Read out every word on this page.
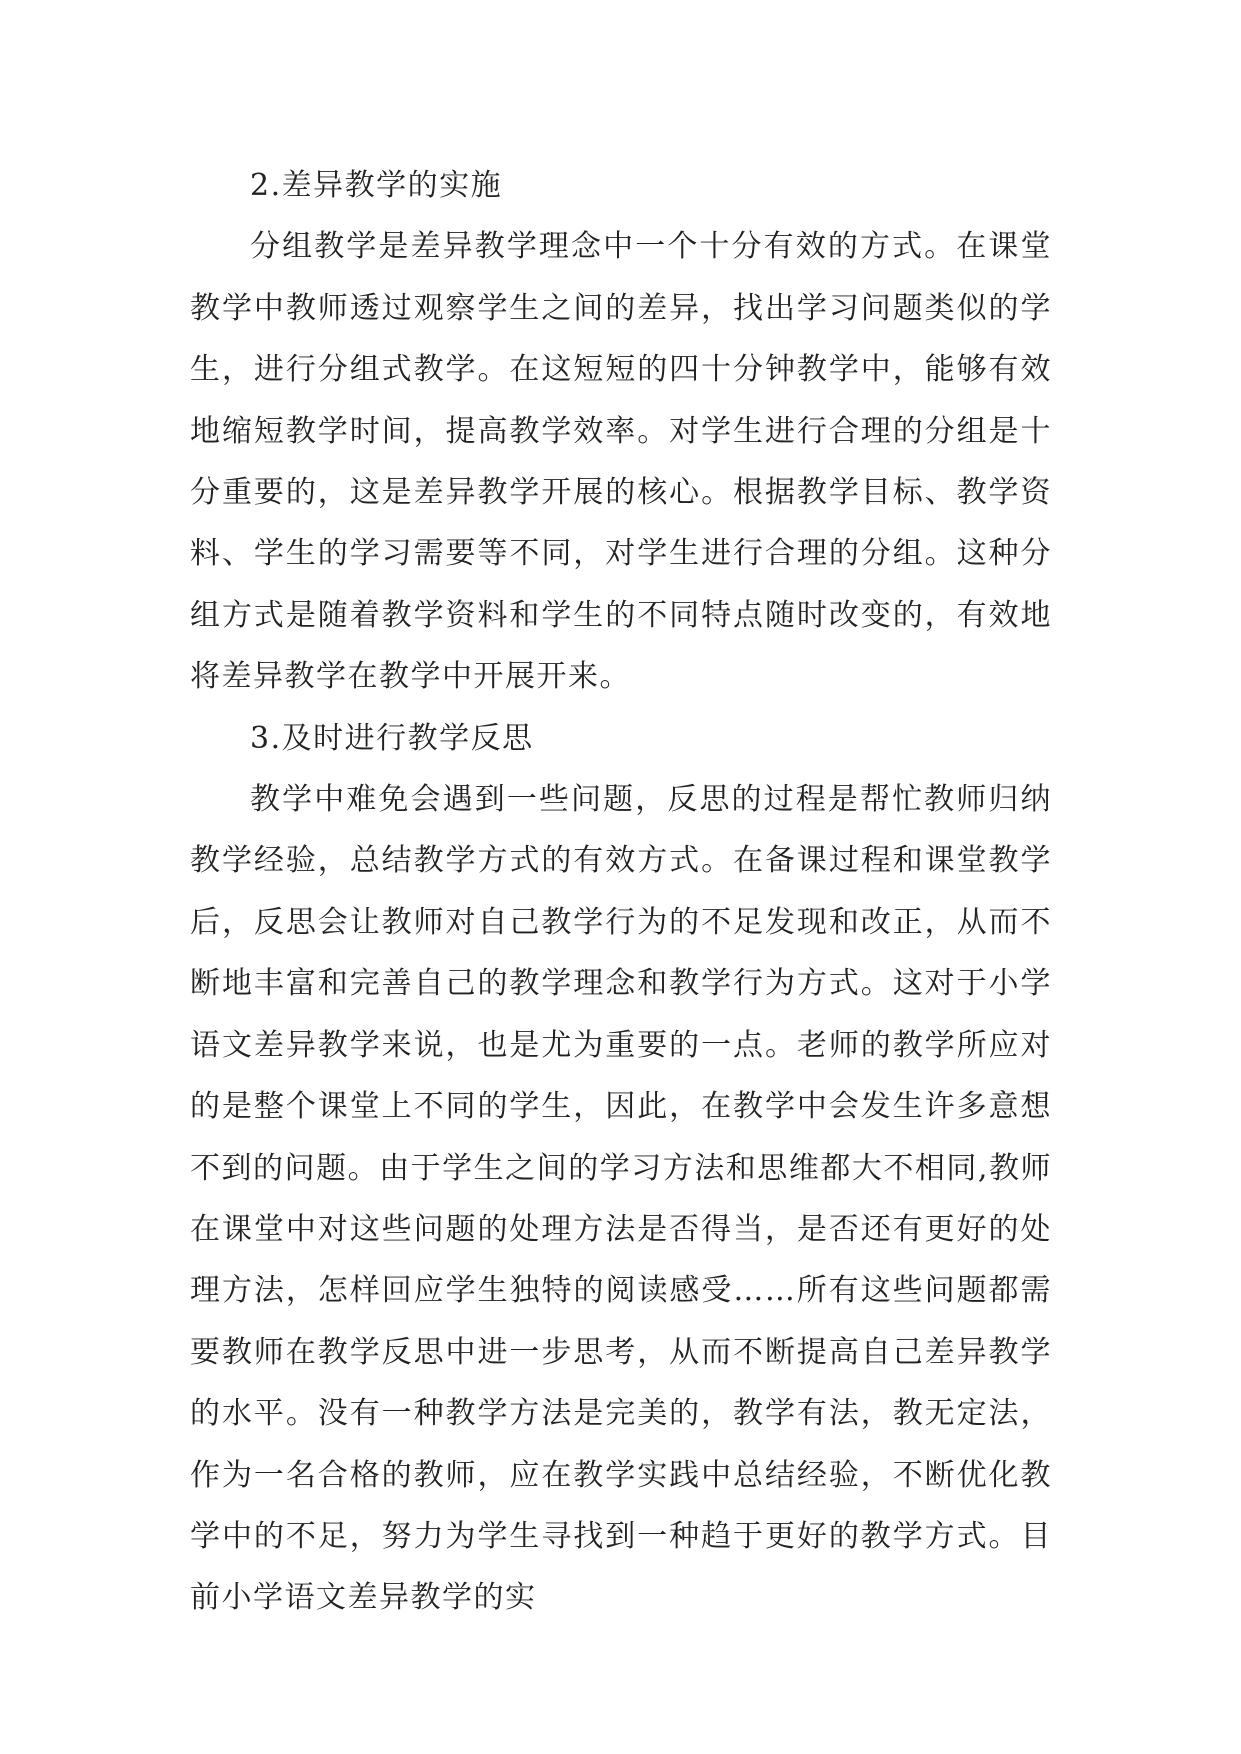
2.差异教学的实施

分组教学是差异教学理念中一个十分有效的方式。在课堂教学中教师透过观察学生之间的差异，找出学习问题类似的学生，进行分组式教学。在这短短的四十分钟教学中，能够有效地缩短教学时间，提高教学效率。对学生进行合理的分组是十分重要的，这是差异教学开展的核心。根据教学目标、教学资料、学生的学习需要等不同，对学生进行合理的分组。这种分组方式是随着教学资料和学生的不同特点随时改变的，有效地将差异教学在教学中开展开来。

3.及时进行教学反思

教学中难免会遇到一些问题，反思的过程是帮忙教师归纳教学经验，总结教学方式的有效方式。在备课过程和课堂教学后，反思会让教师对自己教学行为的不足发现和改正，从而不断地丰富和完善自己的教学理念和教学行为方式。这对于小学语文差异教学来说，也是尤为重要的一点。老师的教学所应对的是整个课堂上不同的学生，因此，在教学中会发生许多意想不到的问题。由于学生之间的学习方法和思维都大不相同,教师在课堂中对这些问题的处理方法是否得当，是否还有更好的处理方法，怎样回应学生独特的阅读感受……所有这些问题都需要教师在教学反思中进一步思考，从而不断提高自己差异教学的水平。没有一种教学方法是完美的，教学有法，教无定法，作为一名合格的教师，应在教学实践中总结经验，不断优化教学中的不足，努力为学生寻找到一种趋于更好的教学方式。目前小学语文差异教学的实
